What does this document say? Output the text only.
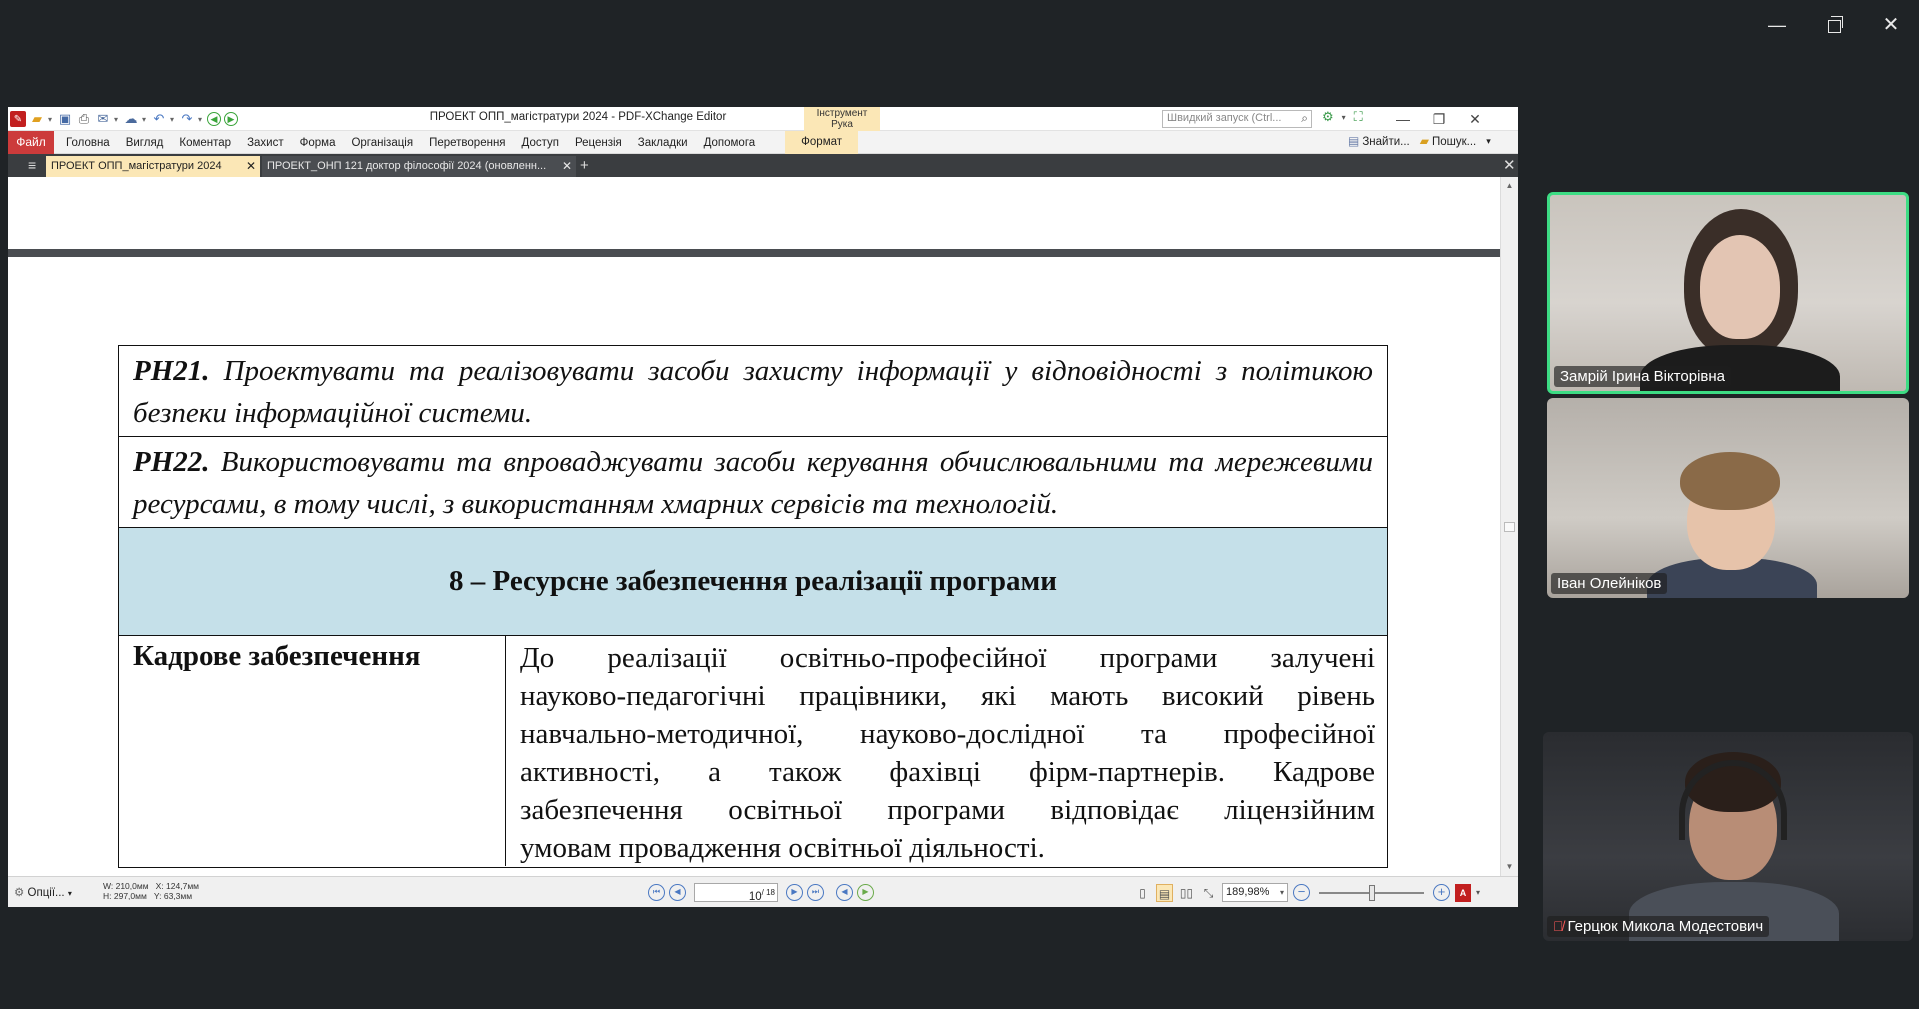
—	✕
✎ ▰ ▾ ▣ ⎙ ✉ ▾ ☁ ▾ ↶ ▾ ↷ ▾ ◀	▶	ПРОЕКТ ОПП_магістратури 2024 - PDF-XChange Editor	Інструмент
Рука
Швидкий запуск (Ctrl... ⌕ ⚙ ▾ ⛶	—	❐	✕
Файл	Головна	Вигляд	Коментар	Захист	Форма	Організація	Перетворення	Доступ	Рецензія	Закладки	Допомога	Формат	▤ Знайти... ▰ Пошук... ▾
≡	ПРОЕКТ ОПП_магістратури 2024 ✕	ПРОЕКТ_ОНП 121 доктор філософії 2024 (оновленн... ✕ +	✕
РН21. Проектувати та реалізовувати засоби захисту інформації у відповідності з політикою безпеки інформаційної системи.
РН22. Використовувати та впроваджувати засоби керування обчислювальними та мережевими ресурсами, в тому числі, з використанням хмарних сервісів та технологій.
8 – Ресурсне забезпечення реалізації програми
Кадрове забезпечення	До реалізації освітньо-професійної програми залучені
науково-педагогічні працівники, які мають високий рівень
навчально-методичної, науково-дослідної та професійної
активності, а також фахівці фірм-партнерів. Кадрове
забезпечення освітньої програми відповідає ліцензійним
умовам провадження освітньої діяльності.
▲
▼
⚙ Опції... ▾
W: 210,0мм X: 124,7мм
H: 297,0мм Y: 63,3мм	⏮	◀	$10^{/ 18}$	▶	⏭	◀	▶	▯	▤ ▯▯ ⤡	189,98% ▾	−	+	A	▾
Замрій Ірина Вікторівна
Іван Олейніков
🎙̸ Герцюк Микола Модестович
